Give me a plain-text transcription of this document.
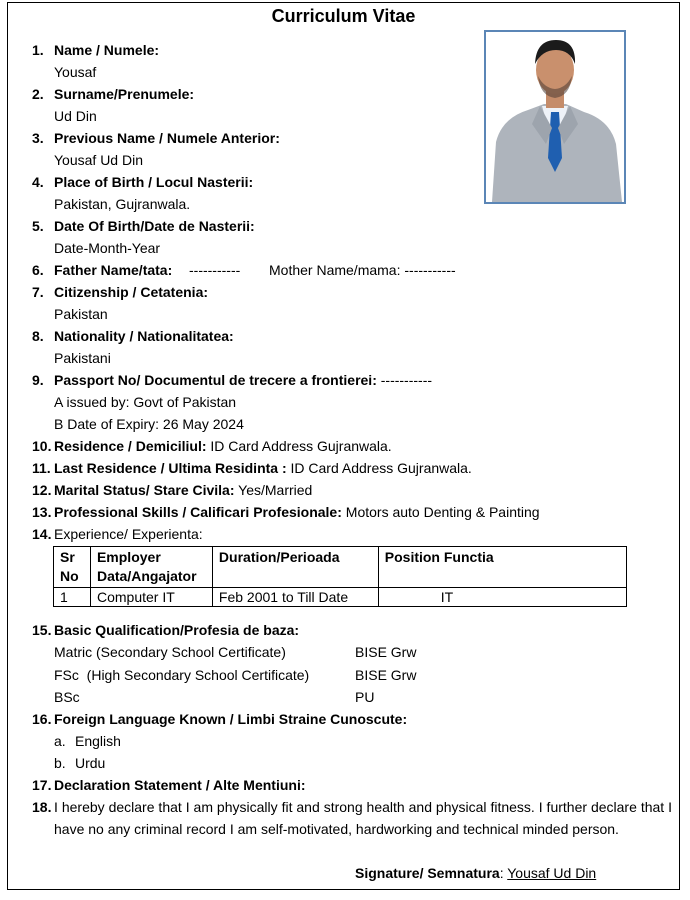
Curriculum Vitae
1. Name / Numele:
Yousaf
2. Surname/Prenumele:
Ud Din
3. Previous Name / Numele Anterior:
Yousaf Ud Din
4. Place of Birth / Locul Nasterii:
Pakistan, Gujranwala.
5. Date Of Birth/Date de Nasterii:
Date-Month-Year
6. Father Name/tata: ----------- Mother Name/mama: -----------
7. Citizenship / Cetatenia:
Pakistan
8. Nationality / Nationalitatea:
Pakistani
9. Passport No/ Documentul de trecere a frontierei: -----------
A issued by: Govt of Pakistan
B Date of Expiry: 26 May 2024
10. Residence / Demiciliul: ID Card Address Gujranwala.
11. Last Residence / Ultima Residinta : ID Card Address Gujranwala.
12. Marital Status/ Stare Civila: Yes/Married
13. Professional Skills / Calificari Profesionale: Motors auto Denting & Painting
14. Experience/ Experienta:
Sr No	Employer Data/Angajator	Duration/Perioada	Position Functia
1	Computer IT	Feb 2001 to Till Date	IT
15. Basic Qualification/Profesia de baza:
Matric (Secondary School Certificate)	BISE Grw
FSc  (High Secondary School Certificate)	BISE Grw
BSc	PU
16. Foreign Language Known / Limbi Straine Cunoscute:
a. English
b. Urdu
17. Declaration Statement / Alte Mentiuni:
18. I hereby declare that I am physically fit and strong health and physical fitness. I further declare that I have no any criminal record I am self-motivated, hardworking and technical minded person.
Signature/ Semnatura: Yousaf Ud Din
